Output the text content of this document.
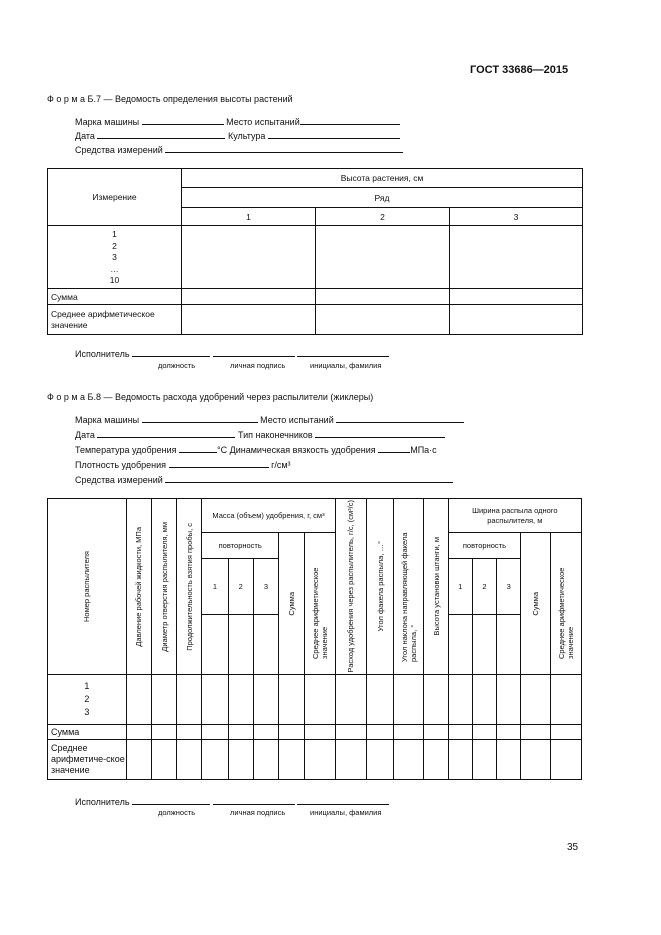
ГОСТ 33686—2015
Ф о р м а Б.7 — Ведомость определения высоты растений
Марка машины	Место испытаний
Дата	Культура
Средства измерений
Измерение	Высота растения, см		
	Ряд		
	1	2	3

1
2
3
…
10			

Сумма			
Среднее арифметическое значение			
Исполнитель
должность	личная подпись	инициалы, фамилия
Ф о р м а Б.8 — Ведомость расхода удобрений через распылители (жиклеры)
Марка машины	Место испытаний
Дата	Тип наконечников
Температура удобрения	°С Динамическая вязкость удобрения	МПа·с
Плотность удобрения	г/см³
Средства измерений
Номер распылителя	Давление рабочей жидкости, МПа	Диаметр отверстия распылителя, мм	Продолжительность взятия пробы, с	Масса (объем) удобрения, г, см³					Расход удобрения через распылитель, г/с, (см³/с)	Угол факела распыла, …°	Угол наклона направляющей факела распыла, °	Высота установки штанги, м	Ширина распыла одного распылителя, м				
				повторность			Сумма	Среднее арифметическое значение					повторность			Сумма	Среднее арифметическое значение

				1	2	3							1	2	3		

1
2
3																	

Сумма																	
Среднее арифметиче-ское значение																	
Исполнитель
должность	личная подпись	инициалы, фамилия
35
